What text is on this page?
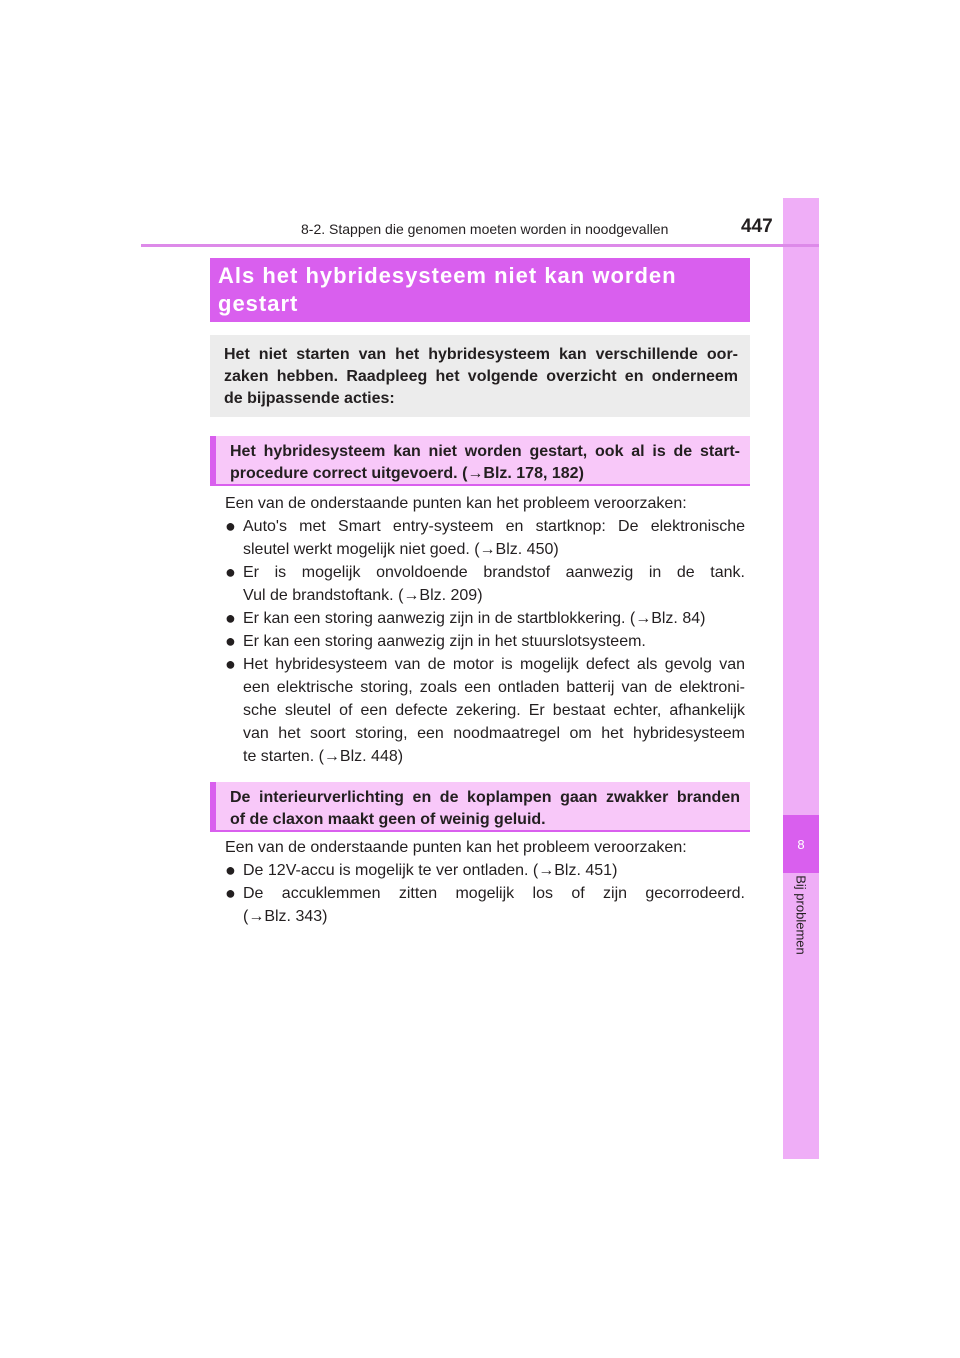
8
Bij problemen
8-2. Stappen die genomen moeten worden in noodgevallen	447
Als het hybridesysteem niet kan worden
gestart
Het niet starten van het hybridesysteem kan verschillende oor-
zaken hebben. Raadpleeg het volgende overzicht en onderneem
de bijpassende acties:
Het hybridesysteem kan niet worden gestart, ook al is de start-
procedure correct uitgevoerd. (→Blz. 178, 182)

Een van de onderstaande punten kan het probleem veroorzaken:

● Auto's met Smart entry-systeem en startknop: De elektronische
sleutel werkt mogelijk niet goed. (→Blz. 450)
● Er is mogelijk onvoldoende brandstof aanwezig in de tank.
Vul de brandstoftank. (→Blz. 209)
● Er kan een storing aanwezig zijn in de startblokkering. (→Blz. 84)
● Er kan een storing aanwezig zijn in het stuurslotsysteem.
● Het hybridesysteem van de motor is mogelijk defect als gevolg van
een elektrische storing, zoals een ontladen batterij van de elektroni-
sche sleutel of een defecte zekering. Er bestaat echter, afhankelijk
van het soort storing, een noodmaatregel om het hybridesysteem
te starten. (→Blz. 448)
De interieurverlichting en de koplampen gaan zwakker branden
of de claxon maakt geen of weinig geluid.

Een van de onderstaande punten kan het probleem veroorzaken:

● De 12V-accu is mogelijk te ver ontladen. (→Blz. 451)
● De accuklemmen zitten mogelijk los of zijn gecorrodeerd.
(→Blz. 343)
